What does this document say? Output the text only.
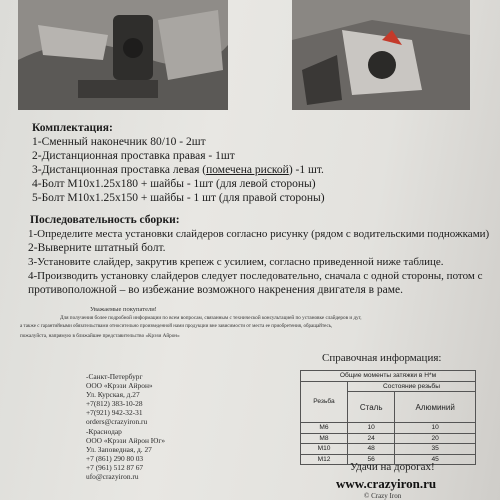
Комплектация:
1-Сменный наконечник 80/10 - 2шт
2-Дистанционная проставка правая - 1шт
3-Дистанционная проставка левая (помечена риской) -1 шт.
4-Болт М10х1.25х180 + шайбы - 1шт (для левой стороны)
5-Болт М10х1.25х150 + шайбы - 1 шт (для правой стороны)
Последовательность сборки:
1-Определите места установки слайдеров согласно рисунку (рядом с водительскими подножками)
2-Выверните штатный болт.
3-Установите слайдер, закрутив крепеж с усилием, согласно приведенной ниже таблице.
4-Производить установку слайдеров следует последовательно, сначала с одной стороны, потом с
противоположной – во избежание возможного накренения двигателя в раме.
Уважаемые покупатели!
Для получения более подробной информации по всем вопросам, связанным с технической консультацией по установке слайдеров и дуг,
а также с гарантийными обязательствами относительно произведенной нами продукции вне зависимости от места ее приобретения, обращайтесь,
пожалуйста, напрямую в ближайшее представительство «Крэзи Айрон»
-Санкт-Петербург
ООО «Крэзи Айрон»
Ул. Курская, д.27
+7(812) 383-10-28
+7(921) 942-32-31
orders@crazyiron.ru
-Краснодар
ООО «Крэзи Айрон Юг»
Ул. Заповедная, д. 27
+7 (861) 290 80 03
+7 (961) 512 87 67
ufo@crazyiron.ru
Справочная информация:
Общие моменты затяжки в Н*м		
Резьба	Состояние резьбы	
	Сталь	Алюминий
М6	10	10
М8	24	20
М10	48	35
М12	56	45
Удачи на дорогах!
www.crazyiron.ru
© Crazy Iron
